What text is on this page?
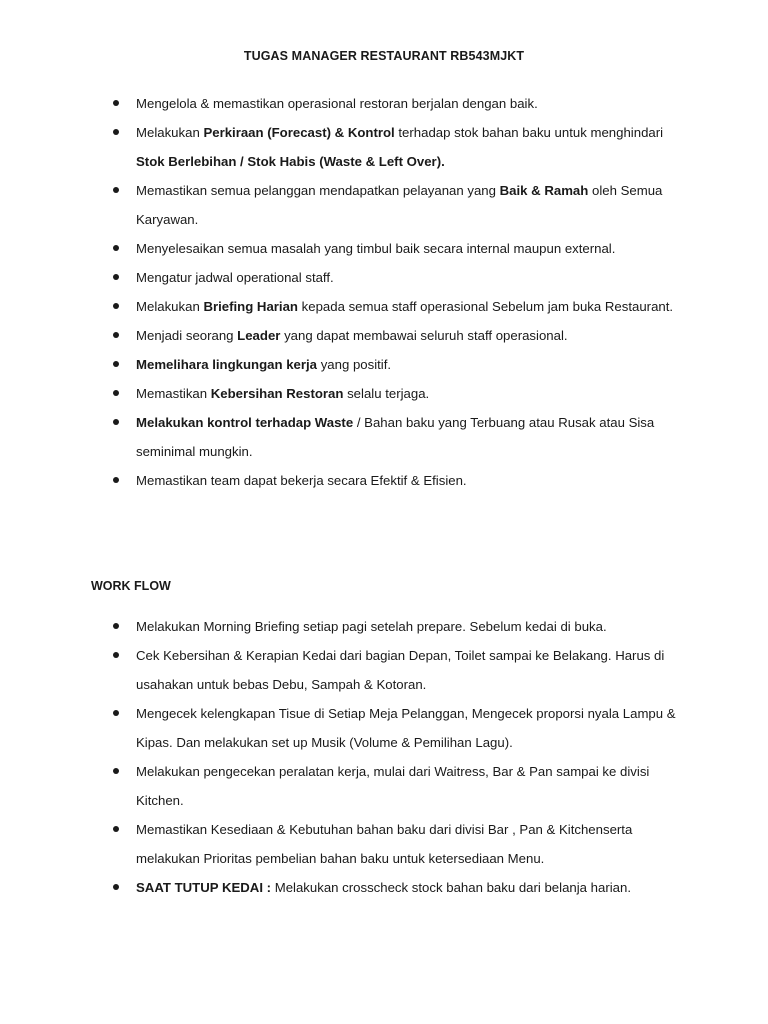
TUGAS MANAGER RESTAURANT RB543MJKT
Mengelola & memastikan operasional restoran berjalan dengan baik.
Melakukan Perkiraan (Forecast) & Kontrol terhadap stok bahan baku untuk menghindari Stok Berlebihan / Stok Habis (Waste & Left Over).
Memastikan semua pelanggan mendapatkan pelayanan yang Baik & Ramah oleh Semua Karyawan.
Menyelesaikan semua masalah yang timbul baik secara internal maupun external.
Mengatur jadwal operational staff.
Melakukan Briefing Harian kepada semua staff operasional Sebelum jam buka Restaurant.
Menjadi seorang Leader yang dapat membawai seluruh staff operasional.
Memelihara lingkungan kerja yang positif.
Memastikan Kebersihan Restoran selalu terjaga.
Melakukan kontrol terhadap Waste / Bahan baku yang Terbuang atau Rusak atau Sisa seminimal mungkin.
Memastikan team dapat bekerja secara Efektif & Efisien.
WORK FLOW
Melakukan Morning Briefing setiap pagi setelah prepare. Sebelum kedai di buka.
Cek Kebersihan & Kerapian Kedai dari bagian Depan, Toilet sampai ke Belakang. Harus di usahakan untuk bebas Debu, Sampah & Kotoran.
Mengecek kelengkapan Tisue di Setiap Meja Pelanggan, Mengecek proporsi nyala Lampu & Kipas. Dan melakukan set up Musik (Volume & Pemilihan Lagu).
Melakukan pengecekan peralatan kerja, mulai dari Waitress, Bar & Pan sampai ke divisi Kitchen.
Memastikan Kesediaan & Kebutuhan bahan baku dari divisi Bar , Pan & Kitchenserta melakukan Prioritas pembelian bahan baku untuk ketersediaan Menu.
SAAT TUTUP KEDAI : Melakukan crosscheck stock bahan baku dari belanja harian.
